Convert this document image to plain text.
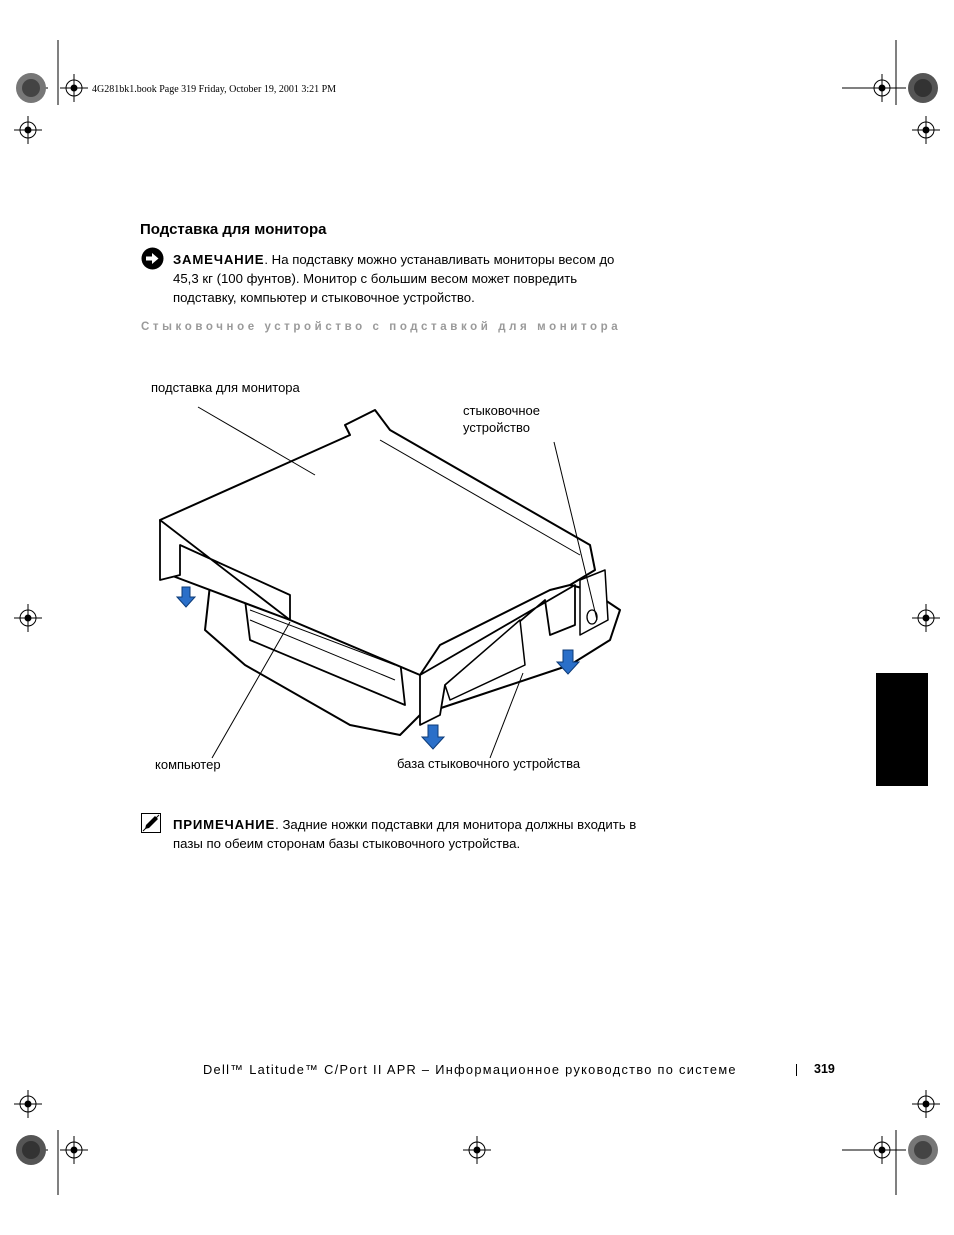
4G281bk1.book Page 319 Friday, October 19, 2001 3:21 PM
Подставка для монитора
ЗАМЕЧАНИЕ. На подставку можно устанавливать мониторы весом до 45,3 кг (100 фунтов). Монитор с большим весом может повредить подставку, компьютер и стыковочное устройство.
Стыковочное устройство с подставкой для монитора
подставка для монитора
стыковочное
устройство
компьютер	база стыковочного устройства
ПРИМЕЧАНИЕ. Задние ножки подставки для монитора должны входить в пазы по обеим сторонам базы стыковочного устройства.
Dell™ Latitude™ C/Port II APR – Информационное руководство по системе	319
